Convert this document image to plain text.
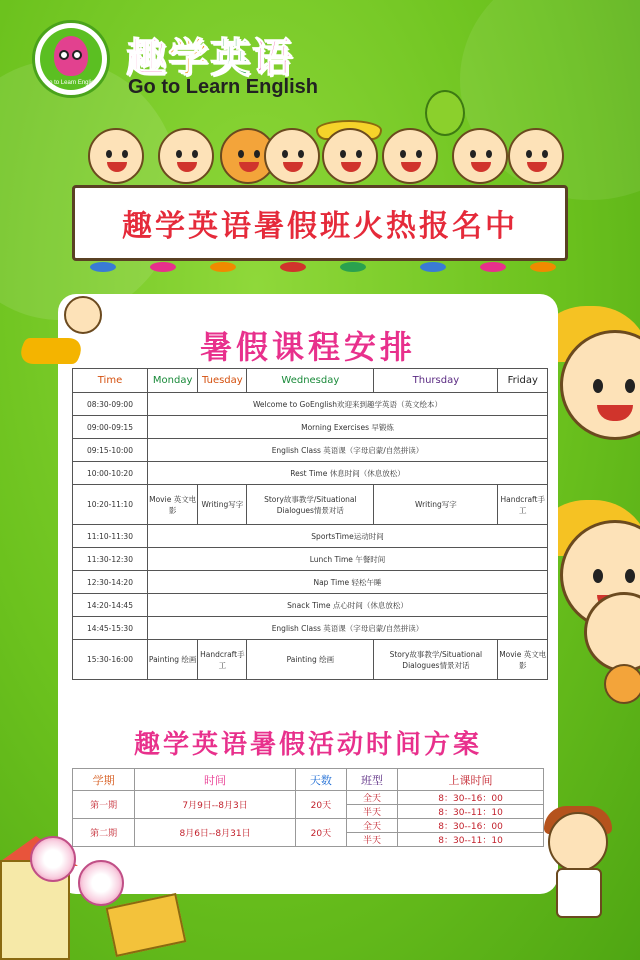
Go to Learn English
趣学英语
Go to Learn English
趣学英语暑假班火热报名中
暑假课程安排
Time	Monday	Tuesday	Wednesday	Thursday	Friday
08:30-09:00	Welcome to GoEnglish欢迎来到趣学英语（英文绘本）				
09:00-09:15	Morning Exercises 早锻炼				
09:15-10:00	English Class 英语课（字母启蒙/自然拼读）				
10:00-10:20	Rest Time 休息时间（休息放松）				
10:20-11:10	Movie 英文电影	Writing写字	Story故事教学/Situational Dialogues情景对话	Writing写字	Handcraft手工
11:10-11:30	SportsTime运动时间				
11:30-12:30	Lunch Time 午餐时间				
12:30-14:20	Nap Time 轻松午睡				
14:20-14:45	Snack Time 点心时间（休息放松）				
14:45-15:30	English Class 英语课（字母启蒙/自然拼读）				
15:30-16:00	Painting 绘画	Handcraft手工	Painting 绘画	Story故事教学/Situational Dialogues情景对话	Movie 英文电影
趣学英语暑假活动时间方案
学期	时间	天数	班型	上课时间
第一期	7月9日--8月3日	20天	全天	8：30--16：00
			半天	8：30--11：10
第二期	8月6日--8月31日	20天	全天	8：30--16：00
			半天	8：30--11：10
